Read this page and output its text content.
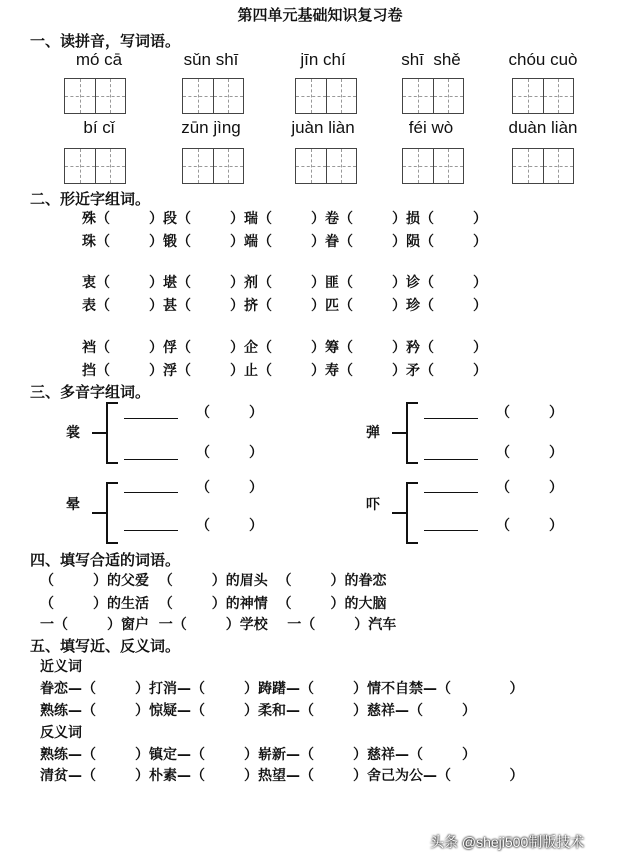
第四单元基础知识复习卷
一、读拼音，写词语。
mó cā	sǔn shī	jīn chí	shī  shě	chóu cuò
bí cǐ	zūn jìng	juàn liàn	féi wò	duàn liàn
二、形近字组词。
殊（        ）段（        ）瑞（        ）卷（        ）损（        ）
珠（        ）锻（        ）端（        ）眷（        ）陨（        ）
衷（        ）堪（        ）剂（        ）匪（        ）诊（        ）
表（        ）甚（        ）挤（        ）匹（        ）珍（        ）
裆（        ）俘（        ）企（        ）筹（        ）矜（        ）
挡（        ）浮（        ）止（        ）寿（        ）矛（        ）
三、多音字组词。
裳
（        ）
（        ）
弹
（        ）
（        ）
晕
（        ）
（        ）
吓
（        ）
（        ）
四、填写合适的词语。
（        ）的父爱  （        ）的眉头  （        ）的眷恋
（        ）的生活  （        ）的神情  （        ）的大脑
一（        ）窗户  一（        ）学校    一（        ）汽车
五、填写近、反义词。
近义词
眷恋—（        ）打消—（        ）踌躇—（        ）情不自禁—（            ）
熟练—（        ）惊疑—（        ）柔和—（        ）慈祥—（        ）
反义词
熟练—（        ）镇定—（        ）崭新—（        ）慈祥—（        ）
清贫—（        ）朴素—（        ）热望—（        ）舍己为公—（            ）
头条 @sheji500制版技术
